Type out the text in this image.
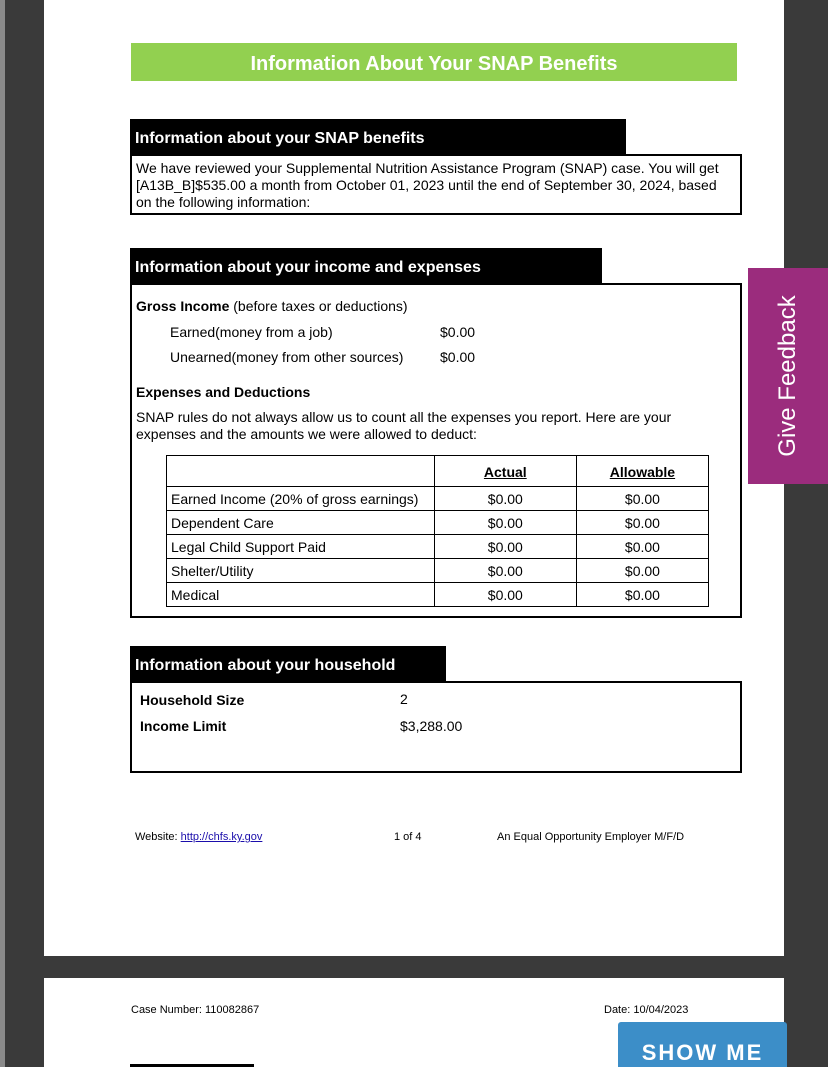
Information About Your SNAP Benefits
Information about your SNAP benefits
We have reviewed your Supplemental Nutrition Assistance Program (SNAP) case. You will get [A13B_B]$535.00 a month from October 01, 2023 until the end of September 30, 2024, based on the following information:
Information about your income and expenses
Gross Income (before taxes or deductions)
Earned(money from a job)	$0.00
Unearned(money from other sources)	$0.00
Expenses and Deductions
SNAP rules do not always allow us to count all the expenses you report. Here are your expenses and the amounts we were allowed to deduct:
	Actual	Allowable
Earned Income (20% of gross earnings)	$0.00	$0.00
Dependent Care	$0.00	$0.00
Legal Child Support Paid	$0.00	$0.00
Shelter/Utility	$0.00	$0.00
Medical	$0.00	$0.00
Information about your household
Household Size	2
Income Limit	$3,288.00
Website: http://chfs.ky.gov	1 of 4	An Equal Opportunity Employer M/F/D
Case Number: 110082867	Date: 10/04/2023
Give Feedback
SHOW ME
